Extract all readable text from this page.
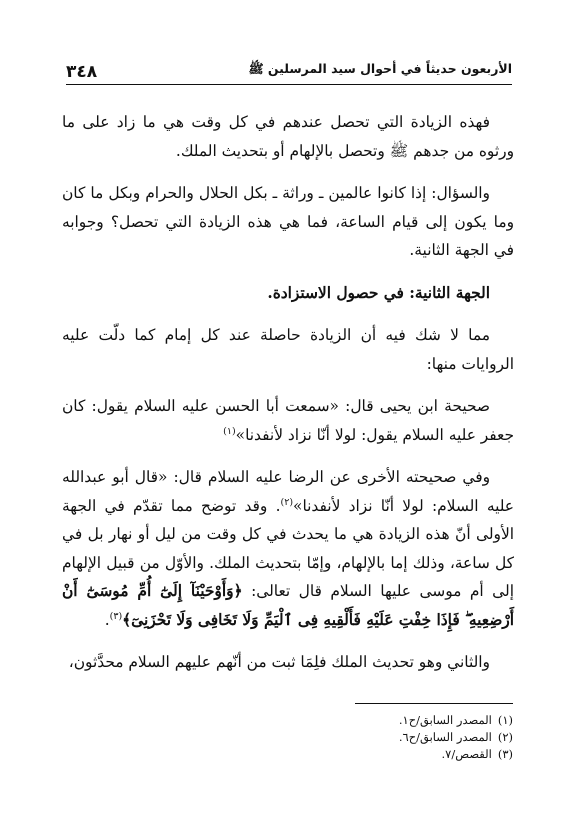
٣٤٨	الأربعون حديثاً في أحوال سيد المرسلين ﷺ

فهذه الزيادة التي تحصل عندهم في كل وقت هي ما زاد على ما ورثوه من جدهم ﷺ وتحصل بالإلهام أو بتحديث الملك.

والسؤال: إذا كانوا عالمين ـ وراثة ـ بكل الحلال والحرام وبكل ما كان وما يكون إلى قيام الساعة، فما هي هذه الزيادة التي تحصل؟ وجوابه في الجهة الثانية.

الجهة الثانية: في حصول الاستزادة.

مما لا شك فيه أن الزيادة حاصلة عند كل إمام كما دلّت عليه الروايات منها:

صحيحة ابن يحيى قال: «سمعت أبا الحسن عليه السلام يقول: كان جعفر عليه السلام يقول: لولا أنّا نزاد لأنفدنا»$^{(١)}$

وفي صحيحته الأخرى عن الرضا عليه السلام قال: «قال أبو عبدالله عليه السلام: لولا أنّا نزاد لأنفدنا»$^{(٢)}$. وقد توضح مما تقدّم في الجهة الأولى أنّ هذه الزيادة هي ما يحدث في كل وقت من ليل أو نهار بل في كل ساعة، وذلك إما بالإلهام، وإمّا بتحديث الملك. والأوّل من قبيل الإلهام إلى أم موسى عليها السلام قال تعالى: ﴿وَأَوْحَيْنَآ إِلَىٰٓ أُمِّ مُوسَىٰٓ أَنْ أَرْضِعِيهِ ۖ فَإِذَا خِفْتِ عَلَيْهِ فَأَلْقِيهِ فِى ٱلْيَمِّ وَلَا تَخَافِى وَلَا تَحْزَنِىٓ﴾$^{(٣)}$.

والثاني وهو تحديث الملك فلِمَا ثبت من أنّهم عليهم السلام محدَّثون،

(١)
المصدر السابق/ح١.
(٢)
المصدر السابق/ح٦.
(٣)
القصص/٧.
